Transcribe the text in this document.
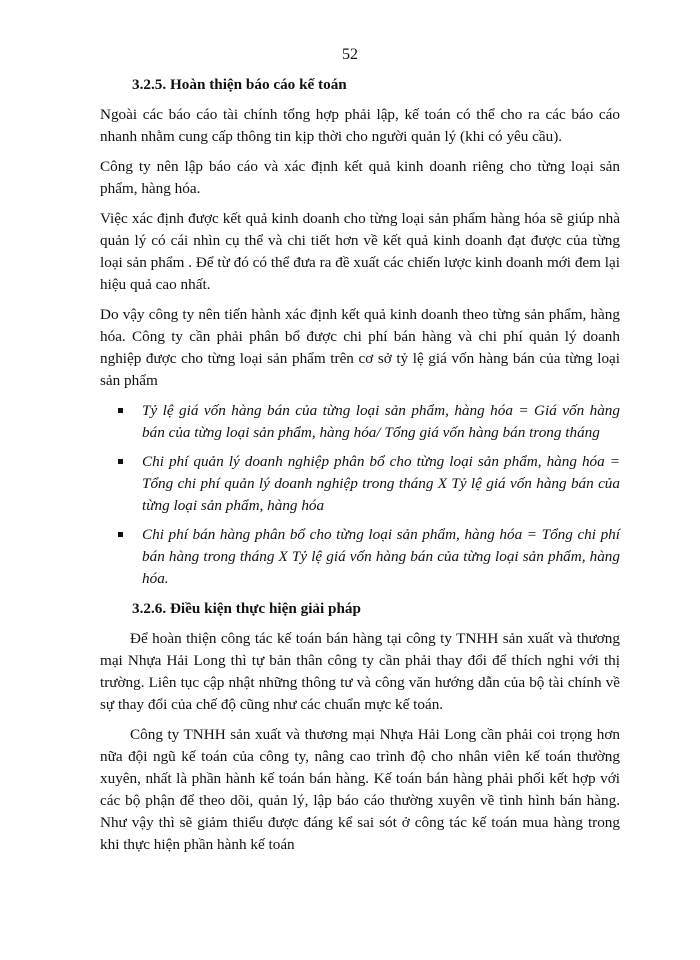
52
3.2.5. Hoàn thiện báo cáo kế toán

Ngoài các báo cáo tài chính tổng hợp phải lập, kế toán có thể cho ra các báo cáo nhanh nhằm cung cấp thông tin kịp thời cho người quản lý (khi có yêu cầu).

Công ty nên lập báo cáo và xác định kết quả kinh doanh riêng cho từng loại sản phẩm, hàng hóa.

Việc xác định được kết quả kinh doanh cho từng loại sản phẩm hàng hóa sẽ giúp nhà quản lý có cái nhìn cụ thể và chi tiết hơn về kết quả kinh doanh đạt được của từng loại sản phẩm . Để từ đó có thể đưa ra đề xuất các chiến lược kinh doanh mới đem lại hiệu quả cao nhất.

Do vậy công ty nên tiến hành xác định kết quả kinh doanh theo từng sản phẩm, hàng hóa. Công ty cần phải phân bổ được chi phí bán hàng và chi phí quản lý doanh nghiệp được cho từng loại sản phẩm trên cơ sở tỷ lệ giá vốn hàng bán của từng loại sản phẩm

Tỷ lệ giá vốn hàng bán của từng loại sản phẩm, hàng hóa = Giá vốn hàng bán của từng loại sản phẩm, hàng hóa/ Tổng giá vốn hàng bán trong tháng
Chi phí quản lý doanh nghiệp phân bổ cho từng loại sản phẩm, hàng hóa = Tổng chi phí quản lý doanh nghiệp trong tháng X Tỷ lệ giá vốn hàng bán của từng loại sản phẩm, hàng hóa
Chi phí bán hàng phân bổ cho từng loại sản phẩm, hàng hóa = Tổng chi phí bán hàng trong tháng X Tỷ lệ giá vốn hàng bán của từng loại sản phẩm, hàng hóa.
3.2.6. Điều kiện thực hiện giải pháp

Để hoàn thiện công tác kế toán bán hàng tại công ty TNHH sản xuất và thương mại Nhựa Hải Long thì tự bản thân công ty cần phải thay đổi để thích nghi với thị trường. Liên tục cập nhật những thông tư và công văn hướng dẫn của bộ tài chính về sự thay đổi của chế độ cũng như các chuẩn mực kế toán.

Công ty TNHH sản xuất và thương mại Nhựa Hải Long cần phải coi trọng hơn nữa đội ngũ kế toán của công ty, nâng cao trình độ cho nhân viên kế toán thường xuyên, nhất là phần hành kế toán bán hàng. Kế toán bán hàng phải phối kết hợp với các bộ phận để theo dõi, quản lý, lập báo cáo thường xuyên về tình hình bán hàng. Như vậy thì sẽ giảm thiểu được đáng kể sai sót ở công tác kế toán mua hàng trong khi thực hiện phần hành kế toán
